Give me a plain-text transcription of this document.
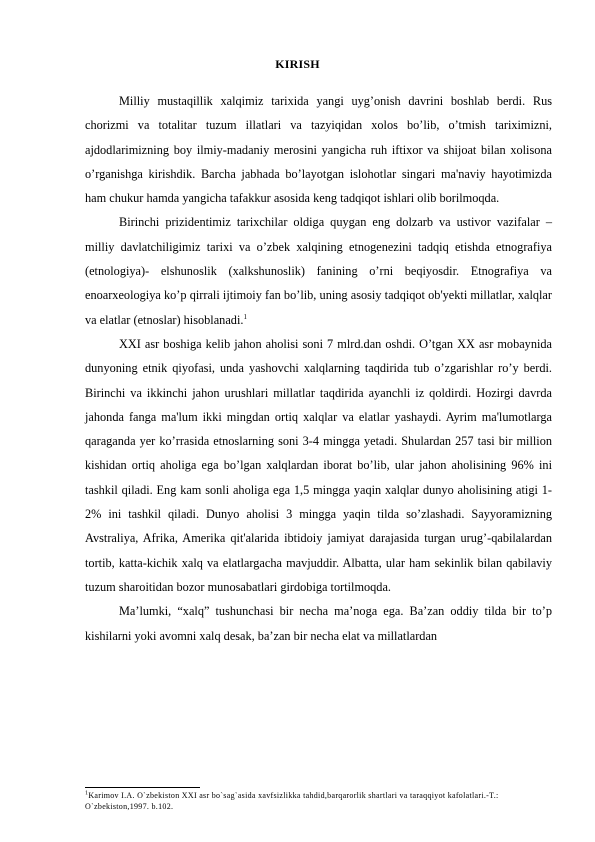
KIRISH

Milliy mustaqillik xalqimiz tarixida yangi uyg’onish davrini boshlab berdi. Rus chorizmi va totalitar tuzum illatlari va tazyiqidan xolos bo’lib, o’tmish tariximizni, ajdodlarimizning boy ilmiy-madaniy merosini yangicha ruh iftixor va shijoat bilan xolisona o’rganishga kirishdik. Barcha jabhada bo’layotgan islohotlar singari ma'naviy hayotimizda ham chukur hamda yangicha tafakkur asosida keng tadqiqot ishlari olib borilmoqda.

Birinchi prizidentimiz tarixchilar oldiga quygan eng dolzarb va ustivor vazifalar – milliy davlatchiligimiz tarixi va o’zbek xalqining etnogenezini tadqiq etishda etnografiya (etnologiya)- elshunoslik (xalkshunoslik) fanining o’rni beqiyosdir. Etnografiya va enoarxeologiya ko’p qirrali ijtimoiy fan bo’lib, uning asosiy tadqiqot ob'yekti millatlar, xalqlar va elatlar (etnoslar) hisoblanadi.$^1$

XXI asr boshiga kelib jahon aholisi soni 7 mlrd.dan oshdi. O’tgan XX asr mobaynida dunyoning etnik qiyofasi, unda yashovchi xalqlarning taqdirida tub o’zgarishlar ro’y berdi. Birinchi va ikkinchi jahon urushlari millatlar taqdirida ayanchli iz qoldirdi. Hozirgi davrda jahonda fanga ma'lum ikki mingdan ortiq xalqlar va elatlar yashaydi. Ayrim ma'lumotlarga qaraganda yer ko’rrasida etnoslarning soni 3-4 mingga yetadi. Shulardan 257 tasi bir million kishidan ortiq aholiga ega bo’lgan xalqlardan iborat bo’lib, ular jahon aholisining 96% ini tashkil qiladi. Eng kam sonli aholiga ega 1,5 mingga yaqin xalqlar dunyo aholisining atigi 1-2% ini tashkil qiladi. Dunyo aholisi 3 mingga yaqin tilda so’zlashadi. Sayyoramizning Avstraliya, Afrika, Amerika qit'alarida ibtidoiy jamiyat darajasida turgan urug’-qabilalardan tortib, katta-kichik xalq va elatlargacha mavjuddir. Albatta, ular ham sekinlik bilan qabilaviy tuzum sharoitidan bozor munosabatlari girdobiga tortilmoqda.

Ma’lumki, “xalq” tushunchasi bir necha ma’noga ega. Ba’zan oddiy tilda bir to’p kishilarni yoki avomni xalq desak, ba’zan bir necha elat va millatlardan

$^1$Karimov I.A. O`zbekiston XXI asr bo`sag`asida xavfsizlikka tahdid,barqarorlik shartlari va taraqqiyot kafolatlari.-T.: O`zbekiston,1997. b.102.
